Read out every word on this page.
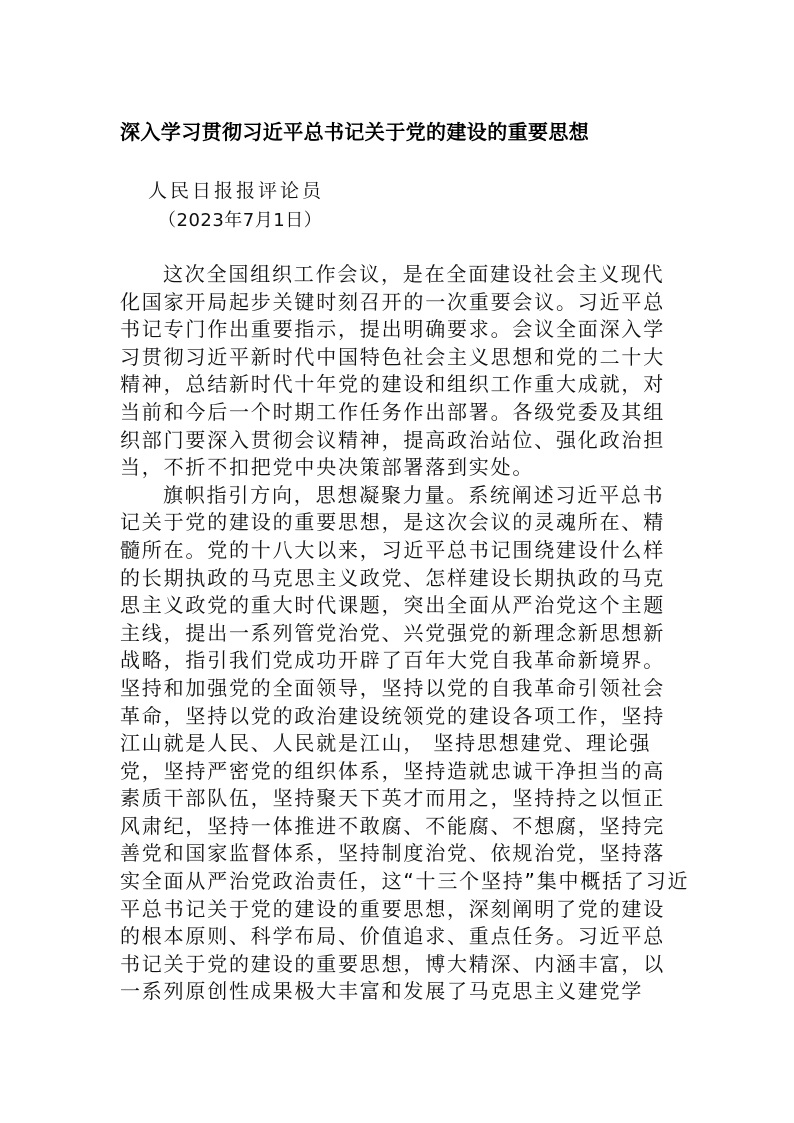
深入学习贯彻习近平总书记关于党的建设的重要思想
人民日报报评论员
（2023年7月1日）
这次全国组织工作会议，是在全面建设社会主义现代
化国家开局起步关键时刻召开的一次重要会议。习近平总
书记专门作出重要指示，提出明确要求。会议全面深入学
习贯彻习近平新时代中国特色社会主义思想和党的二十大
精神，总结新时代十年党的建设和组织工作重大成就，对
当前和今后一个时期工作任务作出部署。各级党委及其组
织部门要深入贯彻会议精神，提高政治站位、强化政治担
当，不折不扣把党中央决策部署落到实处。
旗帜指引方向，思想凝聚力量。系统阐述习近平总书
记关于党的建设的重要思想，是这次会议的灵魂所在、精
髓所在。党的十八大以来，习近平总书记围绕建设什么样
的长期执政的马克思主义政党、怎样建设长期执政的马克
思主义政党的重大时代课题，突出全面从严治党这个主题
主线，提出一系列管党治党、兴党强党的新理念新思想新
战略，指引我们党成功开辟了百年大党自我革命新境界。
坚持和加强党的全面领导，坚持以党的自我革命引领社会
革命，坚持以党的政治建设统领党的建设各项工作，坚持
江山就是人民、人民就是江山， 坚持思想建党、理论强
党，坚持严密党的组织体系，坚持造就忠诚干净担当的高
素质干部队伍，坚持聚天下英才而用之，坚持持之以恒正
风肃纪，坚持一体推进不敢腐、不能腐、不想腐，坚持完
善党和国家监督体系，坚持制度治党、依规治党，坚持落
实全面从严治党政治责任，这“十三个坚持”集中概括了习近
平总书记关于党的建设的重要思想，深刻阐明了党的建设
的根本原则、科学布局、价值追求、重点任务。习近平总
书记关于党的建设的重要思想，博大精深、内涵丰富，以
一系列原创性成果极大丰富和发展了马克思主义建党学
